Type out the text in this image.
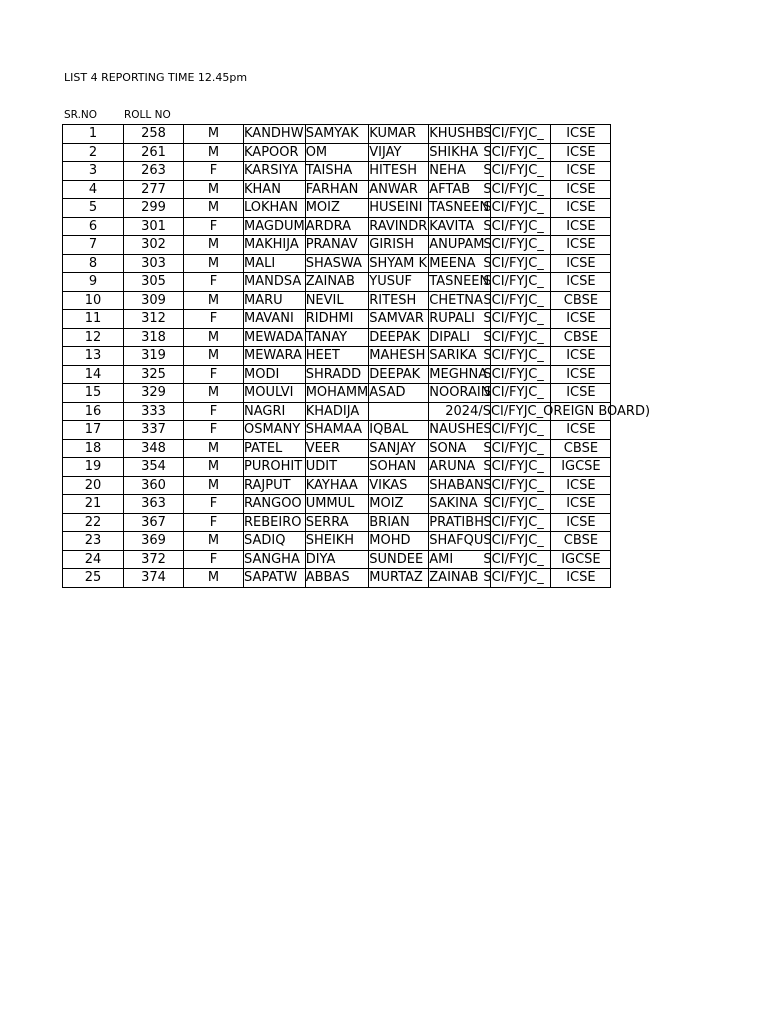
LIST 4 REPORTING TIME 12.45pm
SR.NO	ROLL NO
1	258	M	KANDHW	SAMYAK	KUMAR	KHUSHB	SCI/FYJC_	ICSE
2	261	M	KAPOOR	OM	VIJAY	SHIKHA	SCI/FYJC_	ICSE
3	263	F	KARSIYA	TAISHA	HITESH	NEHA	SCI/FYJC_	ICSE
4	277	M	KHAN	FARHAN	ANWAR	AFTAB	SCI/FYJC_	ICSE
5	299	M	LOKHAN	MOIZ	HUSEINI	TASNEEN	SCI/FYJC_	ICSE
6	301	F	MAGDUM	ARDRA	RAVINDR	KAVITA	SCI/FYJC_	ICSE
7	302	M	MAKHIJA	PRANAV	GIRISH	ANUPAM	SCI/FYJC_	ICSE
8	303	M	MALI	SHASWA	SHYAM K	MEENA	SCI/FYJC_	ICSE
9	305	F	MANDSA	ZAINAB	YUSUF	TASNEEN	SCI/FYJC_	ICSE
10	309	M	MARU	NEVIL	RITESH	CHETNA	SCI/FYJC_	CBSE
11	312	F	MAVANI	RIDHMI	SAMVAR	RUPALI	SCI/FYJC_	ICSE
12	318	M	MEWADA	TANAY	DEEPAK	DIPALI	SCI/FYJC_	CBSE
13	319	M	MEWARA	HEET	MAHESH	SARIKA	SCI/FYJC_	ICSE
14	325	F	MODI	SHRADD	DEEPAK	MEGHNA	SCI/FYJC_	ICSE
15	329	M	MOULVI	MOHAMM	ASAD	NOORAIN	SCI/FYJC_	ICSE
16	333	F	NAGRI	KHADIJA		2024/SCI/FYJC_OREIGN BOARD)		

17	337	F	OSMANY	SHAMAA	IQBAL	NAUSHE	SCI/FYJC_	ICSE
18	348	M	PATEL	VEER	SANJAY	SONA	SCI/FYJC_	CBSE
19	354	M	PUROHIT	UDIT	SOHAN	ARUNA	SCI/FYJC_	IGCSE
20	360	M	RAJPUT	KAYHAA	VIKAS	SHABAN	SCI/FYJC_	ICSE
21	363	F	RANGOO	UMMUL	MOIZ	SAKINA	SCI/FYJC_	ICSE
22	367	F	REBEIRO	SERRA	BRIAN	PRATIBH	SCI/FYJC_	ICSE
23	369	M	SADIQ	SHEIKH	MOHD	SHAFQU	SCI/FYJC_	CBSE
24	372	F	SANGHA	DIYA	SUNDEE	AMI	SCI/FYJC_	IGCSE
25	374	M	SAPATW	ABBAS	MURTAZ	ZAINAB	SCI/FYJC_	ICSE
